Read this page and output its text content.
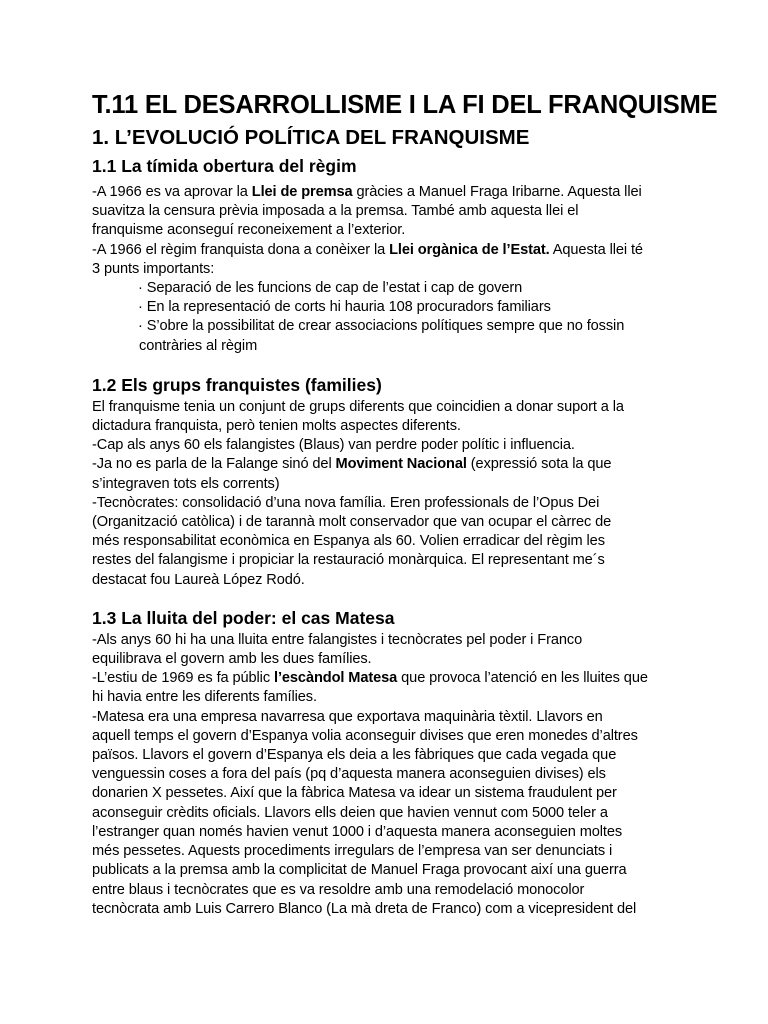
T.11 EL DESARROLLISME I LA FI DEL FRANQUISME
1. L’EVOLUCIÓ POLÍTICA DEL FRANQUISME
1.1 La tímida obertura del règim

-A 1966 es va aprovar la Llei de premsa gràcies a Manuel Fraga Iribarne. Aquesta llei

suavitza la censura prèvia imposada a la premsa. També amb aquesta llei el

franquisme aconseguí reconeixement a l’exterior.

-A 1966 el règim franquista dona a conèixer la Llei orgànica de l’Estat. Aquesta llei té

3 punts importants:

· Separació de les funcions de cap de l’estat i cap de govern

· En la representació de corts hi hauria 108 procuradors familiars

· S’obre la possibilitat de crear associacions polítiques sempre que no fossin

contràries al règim

1.2 Els grups franquistes (families)

El franquisme tenia un conjunt de grups diferents que coincidien a donar suport a la

dictadura franquista, però tenien molts aspectes diferents.

-Cap als anys 60 els falangistes (Blaus) van perdre poder polític i influencia.

-Ja no es parla de la Falange sinó del Moviment Nacional (expressió sota la que

s’integraven tots els corrents)

-Tecnòcrates: consolidació d’una nova família. Eren professionals de l’Opus Dei

(Organització catòlica) i de tarannà molt conservador que van ocupar el càrrec de

més responsabilitat econòmica en Espanya als 60. Volien erradicar del règim les

restes del falangisme i propiciar la restauració monàrquica. El representant me´s

destacat fou Laureà López Rodó.

1.3 La lluita del poder: el cas Matesa

-Als anys 60 hi ha una lluita entre falangistes i tecnòcrates pel poder i Franco

equilibrava el govern amb les dues famílies.

-L’estiu de 1969 es fa públic l’escàndol Matesa que provoca l’atenció en les lluites que

hi havia entre les diferents famílies.

-Matesa era una empresa navarresa que exportava maquinària tèxtil. Llavors en

aquell temps el govern d’Espanya volia aconseguir divises que eren monedes d’altres

països. Llavors el govern d’Espanya els deia a les fàbriques que cada vegada que

venguessin coses a fora del país (pq d’aquesta manera aconseguien divises) els

donarien X pessetes. Així que la fàbrica Matesa va idear un sistema fraudulent per

aconseguir crèdits oficials. Llavors ells deien que havien vennut com 5000 teler a

l’estranger quan només havien venut 1000 i d’aquesta manera aconseguien moltes

més pessetes. Aquests procediments irregulars de l’empresa van ser denunciats i

publicats a la premsa amb la complicitat de Manuel Fraga provocant així una guerra

entre blaus i tecnòcrates que es va resoldre amb una remodelació monocolor

tecnòcrata amb Luis Carrero Blanco (La mà dreta de Franco) com a vicepresident del
